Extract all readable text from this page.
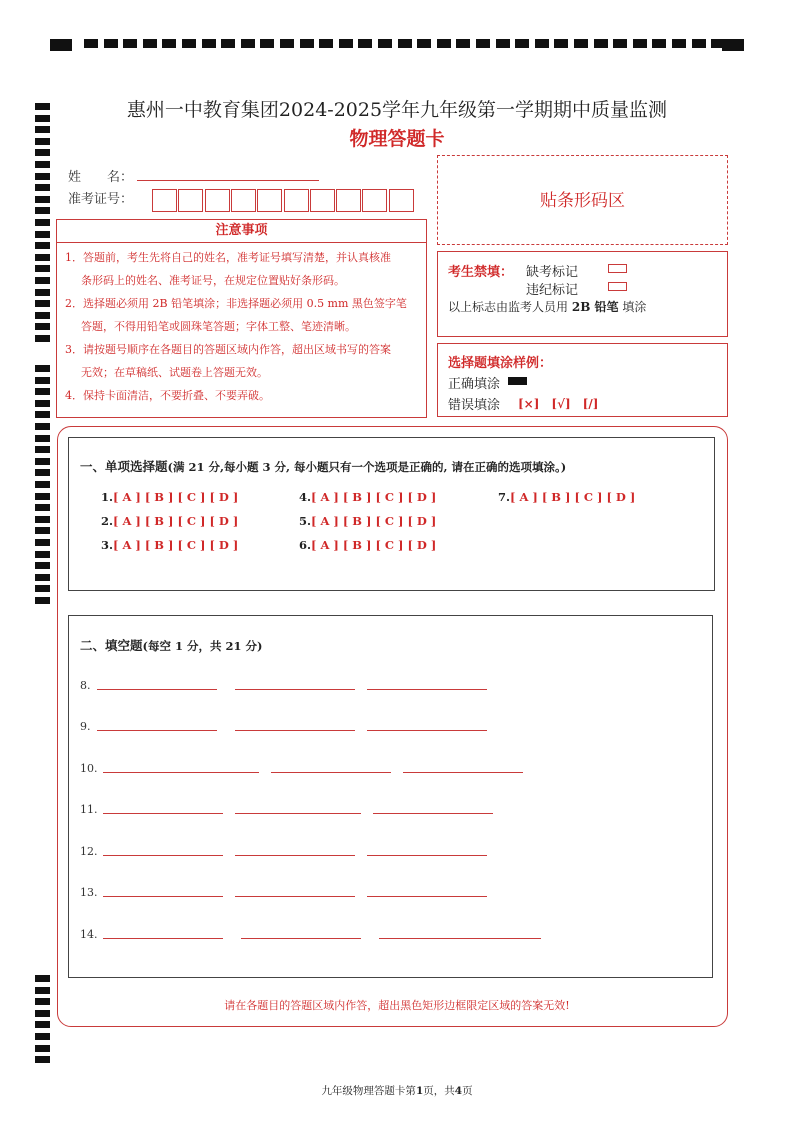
惠州一中教育集团2024-2025学年九年级第一学期期中质量监测
物理答题卡
姓　　名：
准考证号：	贴条形码区
注意事项
1．答题前，考生先将自己的姓名，准考证号填写清楚，并认真核准
条形码上的姓名、准考证号，在规定位置贴好条形码。
2．选择题必须用 2B 铅笔填涂；非选择题必须用 0.5 mm 黑色签字笔
答题，不得用铅笔或圆珠笔答题；字体工整、笔迹清晰。
3．请按题号顺序在各题目的答题区域内作答，超出区域书写的答案
无效；在草稿纸、试题卷上答题无效。
4．保持卡面清洁，不要折叠、不要弄破。
考生禁填： 缺考标记
违纪标记
以上标志由监考人员用 2B 铅笔 填涂
选择题填涂样例：
正确填涂
错误填涂 [×]　[√]　[/]
一、单项选择题(满 21 分,每小题 3 分, 每小题只有一个选项是正确的, 请在正确的选项填涂。)
1.[ A ] [ B ] [ C ] [ D ]
2.[ A ] [ B ] [ C ] [ D ]
3.[ A ] [ B ] [ C ] [ D ]
4.[ A ] [ B ] [ C ] [ D ]
5.[ A ] [ B ] [ C ] [ D ]
6.[ A ] [ B ] [ C ] [ D ]
7.[ A ] [ B ] [ C ] [ D ]
二、填空题(每空 1 分，共 21 分)
8.
9.
10.
11.
12.
13.
14.
请在各题目的答题区域内作答，超出黑色矩形边框限定区域的答案无效!
九年级物理答题卡第1页，共4页
